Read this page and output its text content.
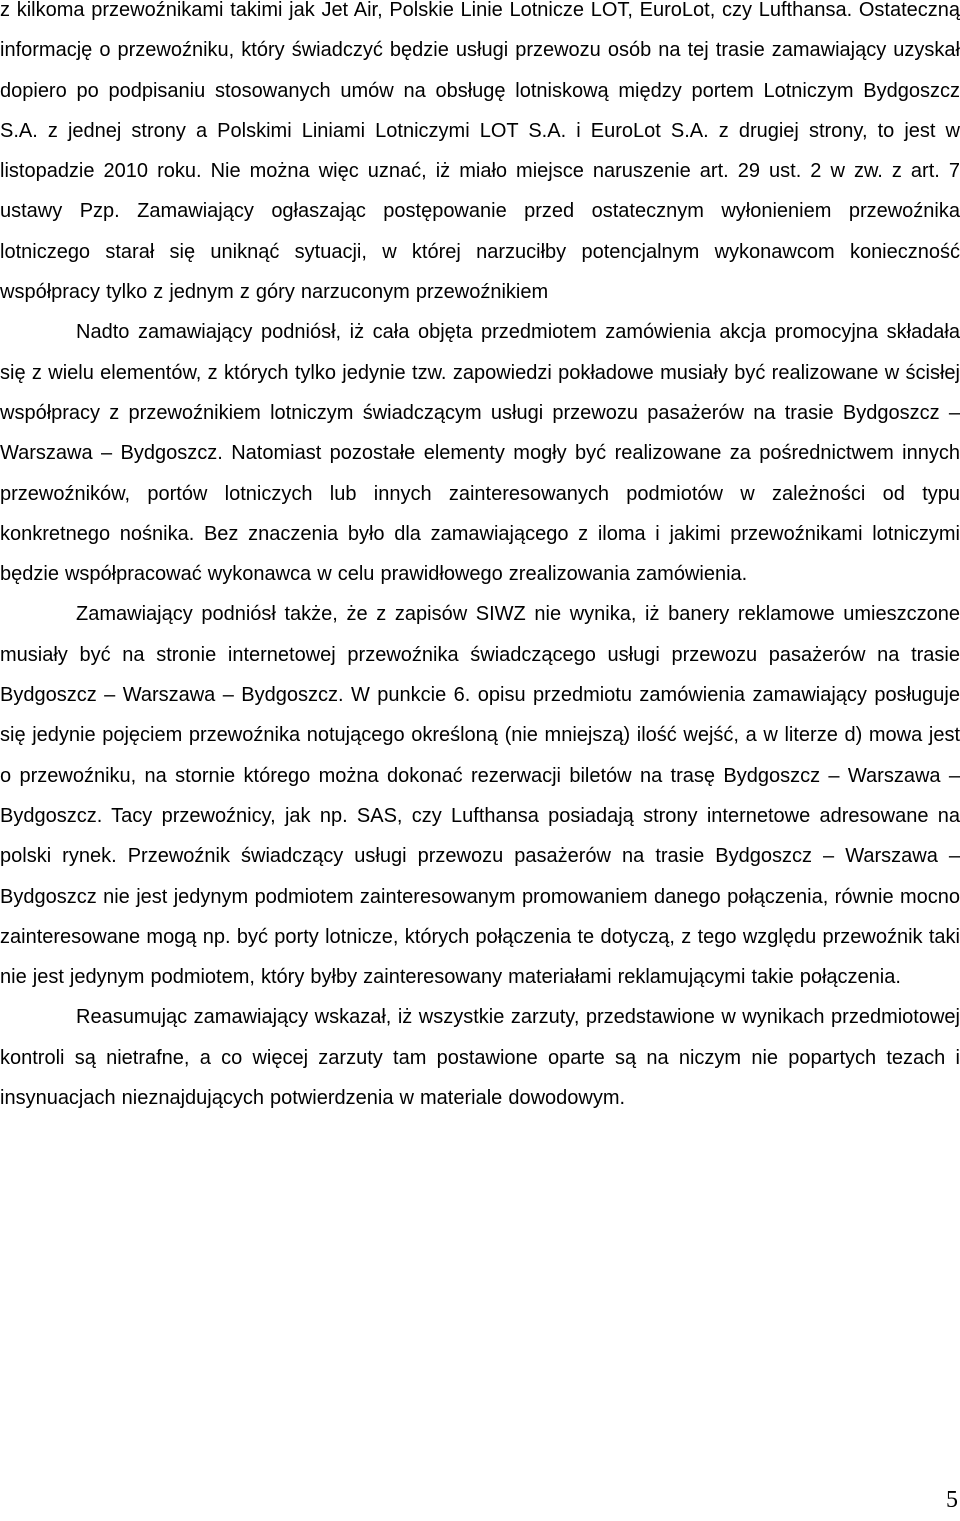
z kilkoma przewoźnikami takimi jak Jet Air, Polskie Linie Lotnicze LOT, EuroLot, czy Lufthansa. Ostateczną informację o przewoźniku, który świadczyć będzie usługi przewozu osób na tej trasie zamawiający uzyskał dopiero po podpisaniu stosowanych umów na obsługę lotniskową między portem Lotniczym Bydgoszcz S.A. z jednej strony a Polskimi Liniami Lotniczymi LOT S.A. i EuroLot S.A. z drugiej strony, to jest w listopadzie 2010 roku. Nie można więc uznać, iż miało miejsce naruszenie art. 29 ust. 2 w zw. z art. 7 ustawy Pzp. Zamawiający ogłaszając postępowanie przed ostatecznym wyłonieniem przewoźnika lotniczego starał się uniknąć sytuacji, w której narzuciłby potencjalnym wykonawcom konieczność współpracy tylko z jednym z góry narzuconym przewoźnikiem

Nadto zamawiający podniósł, iż cała objęta przedmiotem zamówienia akcja promocyjna składała się z wielu elementów, z których tylko jedynie tzw. zapowiedzi pokładowe musiały być realizowane w ścisłej współpracy z przewoźnikiem lotniczym świadczącym usługi przewozu pasażerów na trasie Bydgoszcz – Warszawa – Bydgoszcz. Natomiast pozostałe elementy mogły być realizowane za pośrednictwem innych przewoźników, portów lotniczych lub innych zainteresowanych podmiotów w zależności od typu konkretnego nośnika. Bez znaczenia było dla zamawiającego z iloma i jakimi przewoźnikami lotniczymi będzie współpracować wykonawca w celu prawidłowego zrealizowania zamówienia.

Zamawiający podniósł także, że z zapisów SIWZ nie wynika, iż banery reklamowe umieszczone musiały być na stronie internetowej przewoźnika świadczącego usługi przewozu pasażerów na trasie Bydgoszcz – Warszawa – Bydgoszcz. W punkcie 6. opisu przedmiotu zamówienia zamawiający posługuje się jedynie pojęciem przewoźnika notującego określoną (nie mniejszą) ilość wejść, a w literze d) mowa jest o przewoźniku, na stornie którego można dokonać rezerwacji biletów na trasę Bydgoszcz – Warszawa – Bydgoszcz. Tacy przewoźnicy, jak np. SAS, czy Lufthansa posiadają strony internetowe adresowane na polski rynek. Przewoźnik świadczący usługi przewozu pasażerów na trasie Bydgoszcz – Warszawa – Bydgoszcz nie jest jedynym podmiotem zainteresowanym promowaniem danego połączenia, równie mocno zainteresowane mogą np. być porty lotnicze, których połączenia te dotyczą, z tego względu przewoźnik taki nie jest jedynym podmiotem, który byłby zainteresowany materiałami reklamującymi takie połączenia.

Reasumując zamawiający wskazał, iż wszystkie zarzuty, przedstawione w wynikach przedmiotowej kontroli są nietrafne, a co więcej zarzuty tam postawione oparte są na niczym nie popartych tezach i insynuacjach nieznajdujących potwierdzenia w materiale dowodowym.

5
